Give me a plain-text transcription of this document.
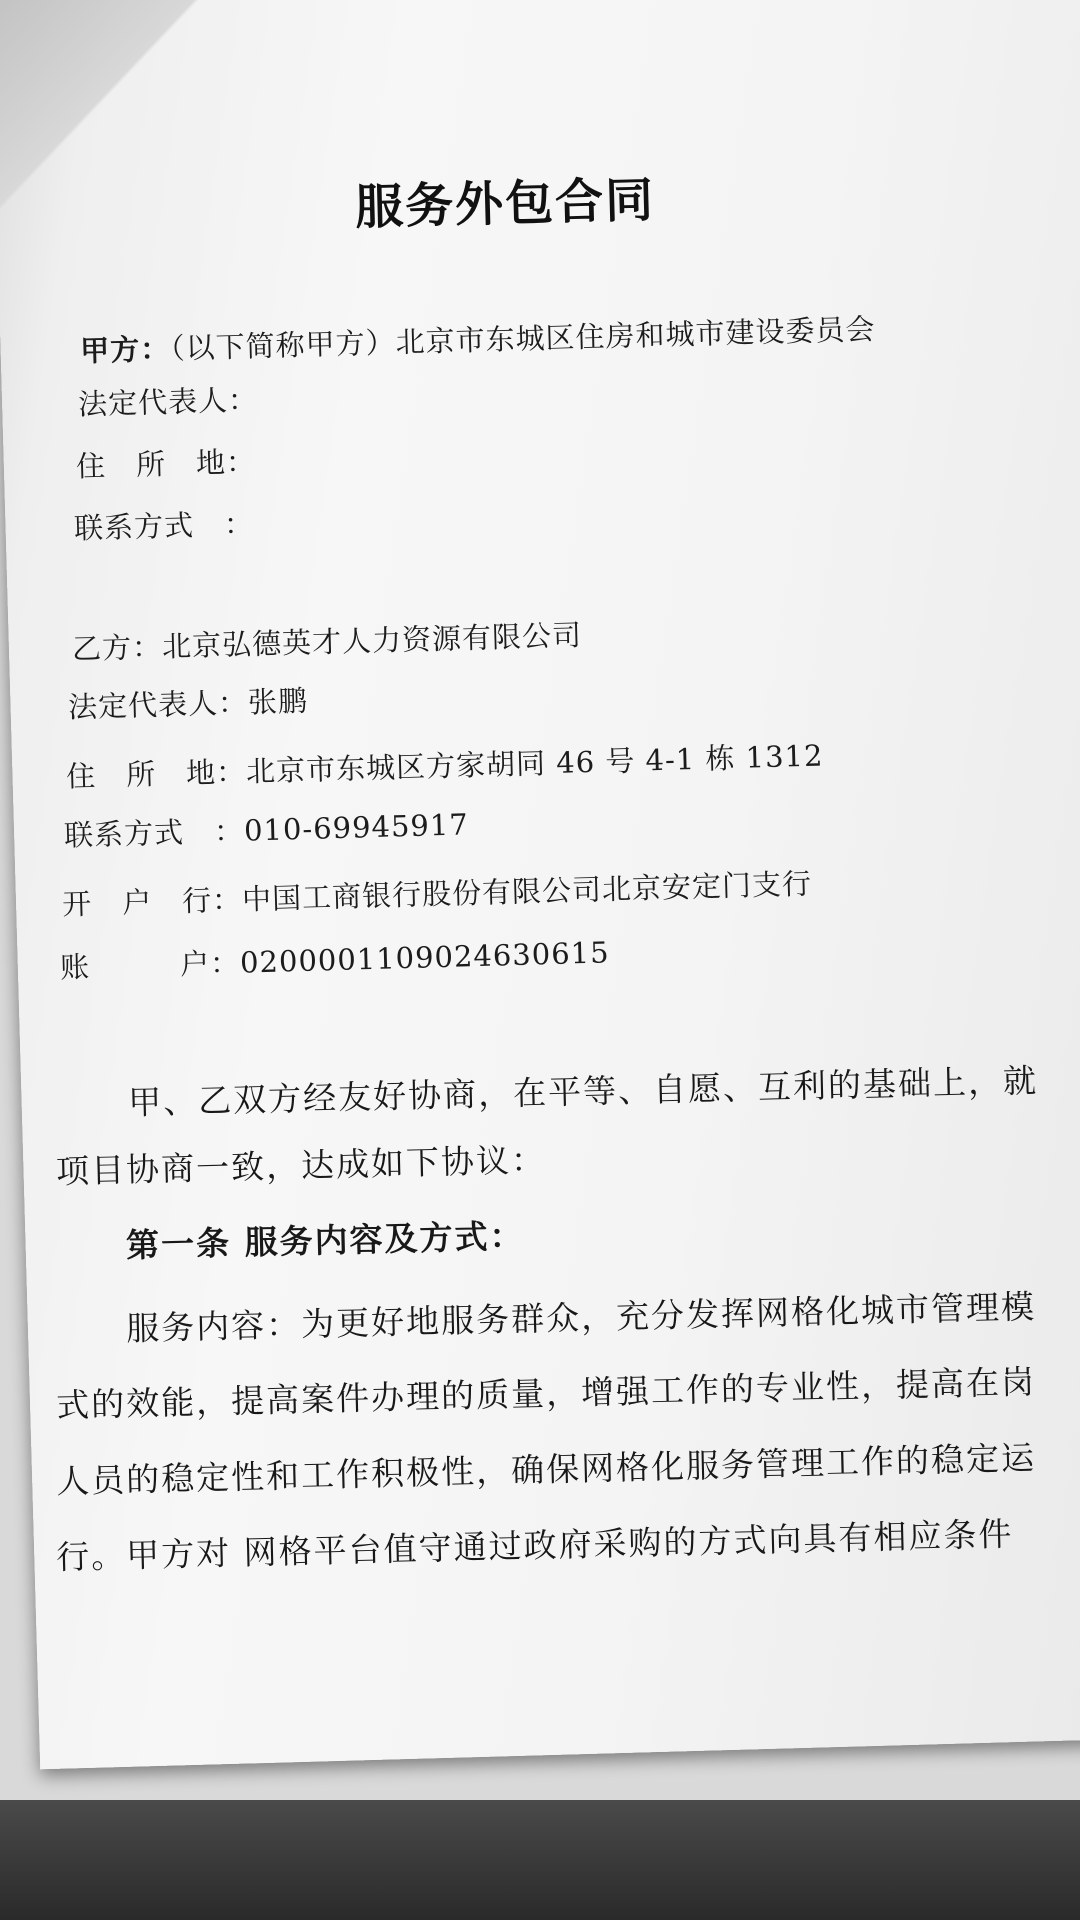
服务外包合同
甲方：（以下简称甲方）北京市东城区住房和城市建设委员会
法定代表人：
住　所　地：
联系方式　：
乙方：北京弘德英才人力资源有限公司
法定代表人：张鹏
住　所　地：北京市东城区方家胡同 46 号 4-1 栋 1312
联系方式　：010-69945917
开　户　行：中国工商银行股份有限公司北京安定门支行
账　　　户：0200001109024630615
甲、乙双方经友好协商，在平等、自愿、互利的基础上，就
项目协商一致，达成如下协议：
第一条 服务内容及方式：
服务内容：为更好地服务群众，充分发挥网格化城市管理模
式的效能，提高案件办理的质量，增强工作的专业性，提高在岗
人员的稳定性和工作积极性，确保网格化服务管理工作的稳定运
行。甲方对 网格平台值守通过政府采购的方式向具有相应条件
